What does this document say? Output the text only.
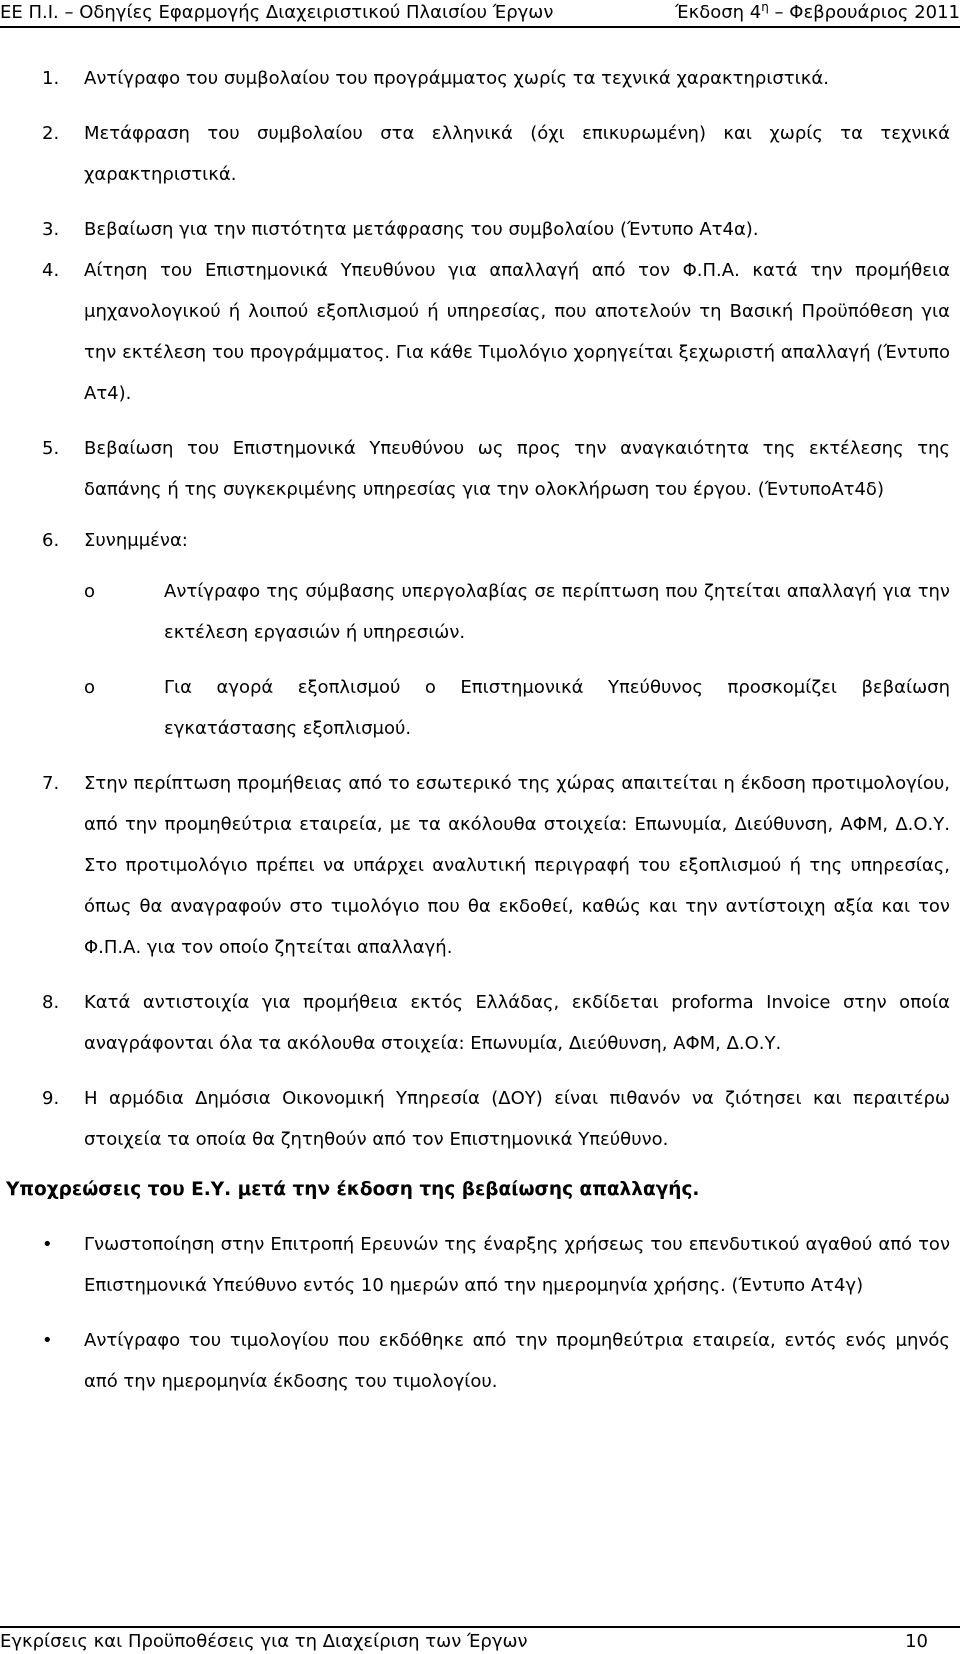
ΕΕ Π.Ι. – Οδηγίες Εφαρμογής Διαχειριστικού Πλαισίου Έργων	Έκδοση $4^\eta$ – Φεβρουάριος 2011
1. Αντίγραφο του συμβολαίου του προγράμματος χωρίς τα τεχνικά χαρακτηριστικά.
2. Μετάφραση του συμβολαίου στα ελληνικά (όχι επικυρωμένη) και χωρίς τα τεχνικά χαρακτηριστικά.
3. Βεβαίωση για την πιστότητα μετάφρασης του συμβολαίου (Έντυπο Ατ4α).
4. Αίτηση του Επιστημονικά Υπευθύνου για απαλλαγή από τον Φ.Π.Α. κατά την προμήθεια μηχανολογικού ή λοιπού εξοπλισμού ή υπηρεσίας, που αποτελούν τη Βασική Προϋπόθεση για την εκτέλεση του προγράμματος. Για κάθε Τιμολόγιο χορηγείται ξεχωριστή απαλλαγή (Έντυπο Ατ4).
5. Βεβαίωση του Επιστημονικά Υπευθύνου ως προς την αναγκαιότητα της εκτέλεσης της δαπάνης ή της συγκεκριμένης υπηρεσίας για την ολοκλήρωση του έργου. (ΈντυποΑτ4δ)
6. Συνημμένα:
o	Αντίγραφο της σύμβασης υπεργολαβίας σε περίπτωση που ζητείται απαλλαγή για την εκτέλεση εργασιών ή υπηρεσιών.
o	Για αγορά εξοπλισμού ο Επιστημονικά Υπεύθυνος προσκομίζει βεβαίωση εγκατάστασης εξοπλισμού.
7. Στην περίπτωση προμήθειας από το εσωτερικό της χώρας απαιτείται η έκδοση προτιμολογίου, από την προμηθεύτρια εταιρεία, με τα ακόλουθα στοιχεία: Επωνυμία, Διεύθυνση, ΑΦΜ, Δ.Ο.Υ. Στο προτιμολόγιο πρέπει να υπάρχει αναλυτική περιγραφή του εξοπλισμού ή της υπηρεσίας, όπως θα αναγραφούν στο τιμολόγιο που θα εκδοθεί, καθώς και την αντίστοιχη αξία και τον Φ.Π.Α. για τον οποίο ζητείται απαλλαγή.
8. Κατά αντιστοιχία για προμήθεια εκτός Ελλάδας, εκδίδεται proforma Invoice στην οποία αναγράφονται όλα τα ακόλουθα στοιχεία: Επωνυμία, Διεύθυνση, ΑΦΜ, Δ.Ο.Υ.
9. Η αρμόδια Δημόσια Οικονομική Υπηρεσία (ΔΟΥ) είναι πιθανόν να ζιότησει και περαιτέρω στοιχεία τα οποία θα ζητηθούν από τον Επιστημονικά Υπεύθυνο.
Υποχρεώσεις του Ε.Υ. μετά την έκδοση της βεβαίωσης απαλλαγής.
• Γνωστοποίηση στην Επιτροπή Ερευνών της έναρξης χρήσεως του επενδυτικού αγαθού από τον Επιστημονικά Υπεύθυνο εντός 10 ημερών από την ημερομηνία χρήσης. (Έντυπο Ατ4γ)
• Αντίγραφο του τιμολογίου που εκδόθηκε από την προμηθεύτρια εταιρεία, εντός ενός μηνός από την ημερομηνία έκδοσης του τιμολογίου.
Εγκρίσεις και Προϋποθέσεις για τη Διαχείριση των Έργων	10
